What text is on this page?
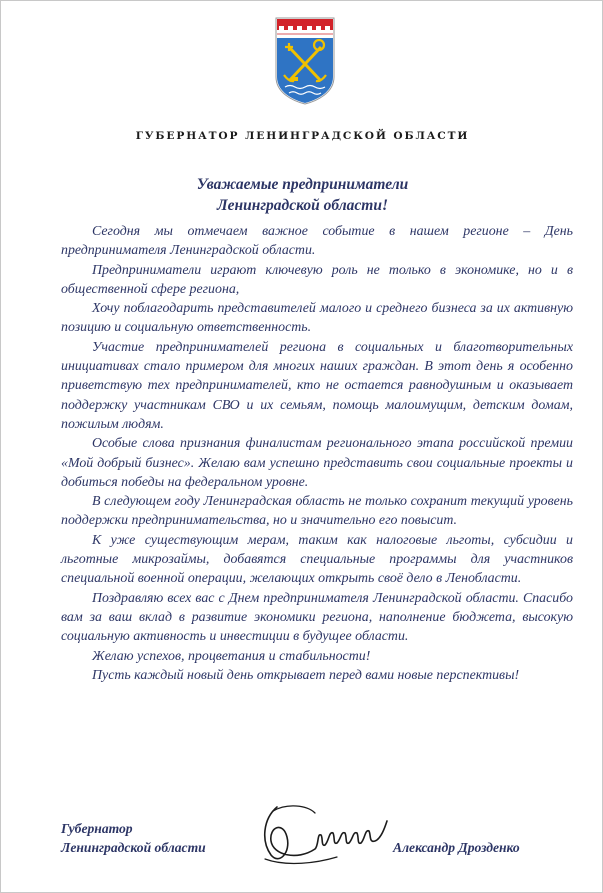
ГУБЕРНАТОР ЛЕНИНГРАДСКОЙ ОБЛАСТИ
Уважаемые предприниматели
Ленинградской области!

Сегодня мы отмечаем важное событие в нашем регионе – День предпринимателя Ленинградской области.

Предприниматели играют ключевую роль не только в экономике, но и в общественной сфере региона,

Хочу поблагодарить представителей малого и среднего бизнеса за их активную позицию и социальную ответственность.

Участие предпринимателей региона в социальных и благотворительных инициативах стало примером для многих наших граждан. В этот день я особенно приветствую тех предпринимателей, кто не остается равнодушным и оказывает поддержку участникам СВО и их семьям, помощь малоимущим, детским домам, пожилым людям.

Особые слова признания финалистам регионального этапа российской премии «Мой добрый бизнес». Желаю вам успешно представить свои социальные проекты и добиться победы на федеральном уровне.

В следующем году Ленинградская область не только сохранит текущий уровень поддержки предпринимательства, но и значительно его повысит.

К уже существующим мерам, таким как налоговые льготы, субсидии и льготные микрозаймы, добавятся специальные программы для участников специальной военной операции, желающих открыть своё дело в Ленобласти.

Поздравляю всех вас с Днем предпринимателя Ленинградской области. Спасибо вам за ваш вклад в развитие экономики региона, наполнение бюджета, высокую социальную активность и инвестиции в будущее области.

Желаю успехов, процветания и стабильности!

Пусть каждый новый день открывает перед вами новые перспективы!

Губернатор
Ленинградской области	Александр Дрозденко
